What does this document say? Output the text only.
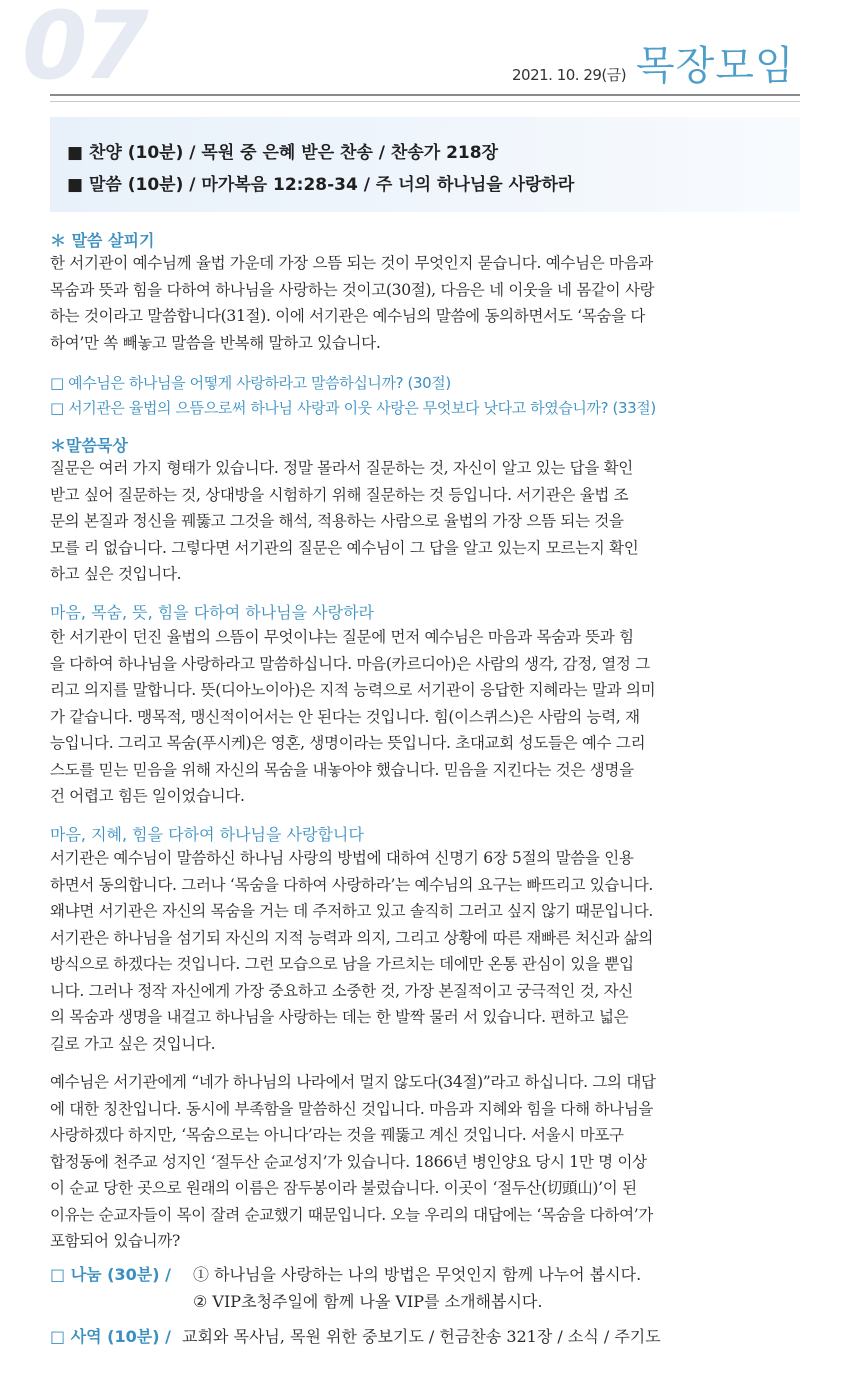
07	2021. 10. 29(금) 목장모임
■ 찬양 (10분) / 목원 중 은혜 받은 찬송 / 찬송가 218장
■ 말씀 (10분) / 마가복음 12:28-34 / 주 너의 하나님을 사랑하라
＊ 말씀 살피기
한 서기관이 예수님께 율법 가운데 가장 으뜸 되는 것이 무엇인지 묻습니다. 예수님은 마음과
목숨과 뜻과 힘을 다하여 하나님을 사랑하는 것이고(30절), 다음은 네 이웃을 네 몸같이 사랑
하는 것이라고 말씀합니다(31절). 이에 서기관은 예수님의 말씀에 동의하면서도 ‘목숨을 다
하여’만 쏙 빼놓고 말씀을 반복해 말하고 있습니다.
□ 예수님은 하나님을 어떻게 사랑하라고 말씀하십니까? (30절)
□ 서기관은 율법의 으뜸으로써 하나님 사랑과 이웃 사랑은 무엇보다 낫다고 하였습니까? (33절)
＊말씀묵상
질문은 여러 가지 형태가 있습니다. 정말 몰라서 질문하는 것, 자신이 알고 있는 답을 확인
받고 싶어 질문하는 것, 상대방을 시험하기 위해 질문하는 것 등입니다. 서기관은 율법 조
문의 본질과 정신을 꿰뚫고 그것을 해석, 적용하는 사람으로 율법의 가장 으뜸 되는 것을
모를 리 없습니다. 그렇다면 서기관의 질문은 예수님이 그 답을 알고 있는지 모르는지 확인
하고 싶은 것입니다.
마음, 목숨, 뜻, 힘을 다하여 하나님을 사랑하라
한 서기관이 던진 율법의 으뜸이 무엇이냐는 질문에 먼저 예수님은 마음과 목숨과 뜻과 힘
을 다하여 하나님을 사랑하라고 말씀하십니다. 마음(카르디아)은 사람의 생각, 감정, 열정 그
리고 의지를 말합니다. 뜻(디아노이아)은 지적 능력으로 서기관이 응답한 지혜라는 말과 의미
가 같습니다. 맹목적, 맹신적이어서는 안 된다는 것입니다. 힘(이스퀴스)은 사람의 능력, 재
능입니다. 그리고 목숨(푸시케)은 영혼, 생명이라는 뜻입니다. 초대교회 성도들은 예수 그리
스도를 믿는 믿음을 위해 자신의 목숨을 내놓아야 했습니다. 믿음을 지킨다는 것은 생명을
건 어렵고 힘든 일이었습니다.
마음, 지혜, 힘을 다하여 하나님을 사랑합니다
서기관은 예수님이 말씀하신 하나님 사랑의 방법에 대하여 신명기 6장 5절의 말씀을 인용
하면서 동의합니다. 그러나 ‘목숨을 다하여 사랑하라’는 예수님의 요구는 빠뜨리고 있습니다.
왜냐면 서기관은 자신의 목숨을 거는 데 주저하고 있고 솔직히 그러고 싶지 않기 때문입니다.
서기관은 하나님을 섬기되 자신의 지적 능력과 의지, 그리고 상황에 따른 재빠른 처신과 삶의
방식으로 하겠다는 것입니다. 그런 모습으로 남을 가르치는 데에만 온통 관심이 있을 뿐입
니다. 그러나 정작 자신에게 가장 중요하고 소중한 것, 가장 본질적이고 궁극적인 것, 자신
의 목숨과 생명을 내걸고 하나님을 사랑하는 데는 한 발짝 물러 서 있습니다. 편하고 넓은
길로 가고 싶은 것입니다.
예수님은 서기관에게 “네가 하나님의 나라에서 멀지 않도다(34절)”라고 하십니다. 그의 대답
에 대한 칭찬입니다. 동시에 부족함을 말씀하신 것입니다. 마음과 지혜와 힘을 다해 하나님을
사랑하겠다 하지만, ‘목숨으로는 아니다’라는 것을 꿰뚫고 계신 것입니다. 서울시 마포구
합정동에 천주교 성지인 ‘절두산 순교성지’가 있습니다. 1866년 병인양요 당시 1만 명 이상
이 순교 당한 곳으로 원래의 이름은 잠두봉이라 불렀습니다. 이곳이 ‘절두산(切頭山)’이 된
이유는 순교자들이 목이 잘려 순교했기 때문입니다. 오늘 우리의 대답에는 ‘목숨을 다하여’가
포함되어 있습니까?
□ 나눔 (30분) / ① 하나님을 사랑하는 나의 방법은 무엇인지 함께 나누어 봅시다.
② VIP초청주일에 함께 나올 VIP를 소개해봅시다.
□ 사역 (10분) / 교회와 목사님, 목원 위한 중보기도 / 헌금찬송 321장 / 소식 / 주기도
